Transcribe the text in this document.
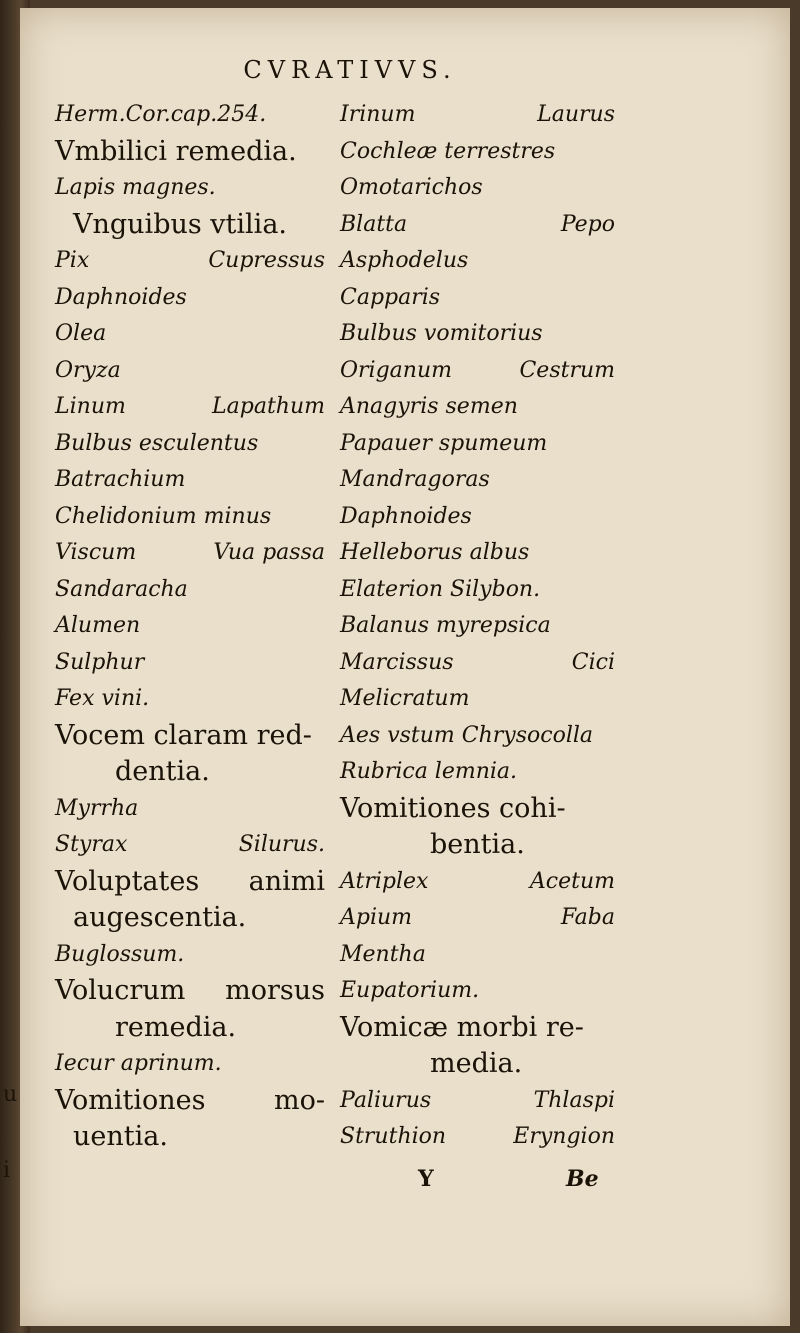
u
i
CVRATIVVS.
Herm.Cor.cap.254.
Vmbilici remedia.
Lapis magnes.
Vnguibus vtilia.
Pix	Cupressus
Daphnoides
Olea
Oryza
Linum	Lapathum
Bulbus esculentus
Batrachium
Chelidonium minus
Viscum	Vua passa
Sandaracha
Alumen
Sulphur
Fex vini.
Vocem claram red-
dentia.
Myrrha
Styrax	Silurus.
Voluptates animi
augescentia.
Buglossum.
Volucrum morsus
remedia.
Iecur aprinum.
Vomitiones	mo-
uentia.
Irinum	Laurus
Cochleæ terrestres
Omotarichos
Blatta	Pepo
Asphodelus
Capparis
Bulbus vomitorius
Origanum	Cestrum
Anagyris semen
Papauer spumeum
Mandragoras
Daphnoides
Helleborus albus
Elaterion Silybon.
Balanus myrepsica
Marcissus	Cici
Melicratum
Aes vstum Chrysocolla
Rubrica lemnia.
Vomitiones cohi-
bentia.
Atriplex	Acetum
Apium	Faba
Mentha
Eupatorium.
Vomicæ morbi re-
media.
Paliurus	Thlaspi
Struthion	Eryngion
Y	Be
